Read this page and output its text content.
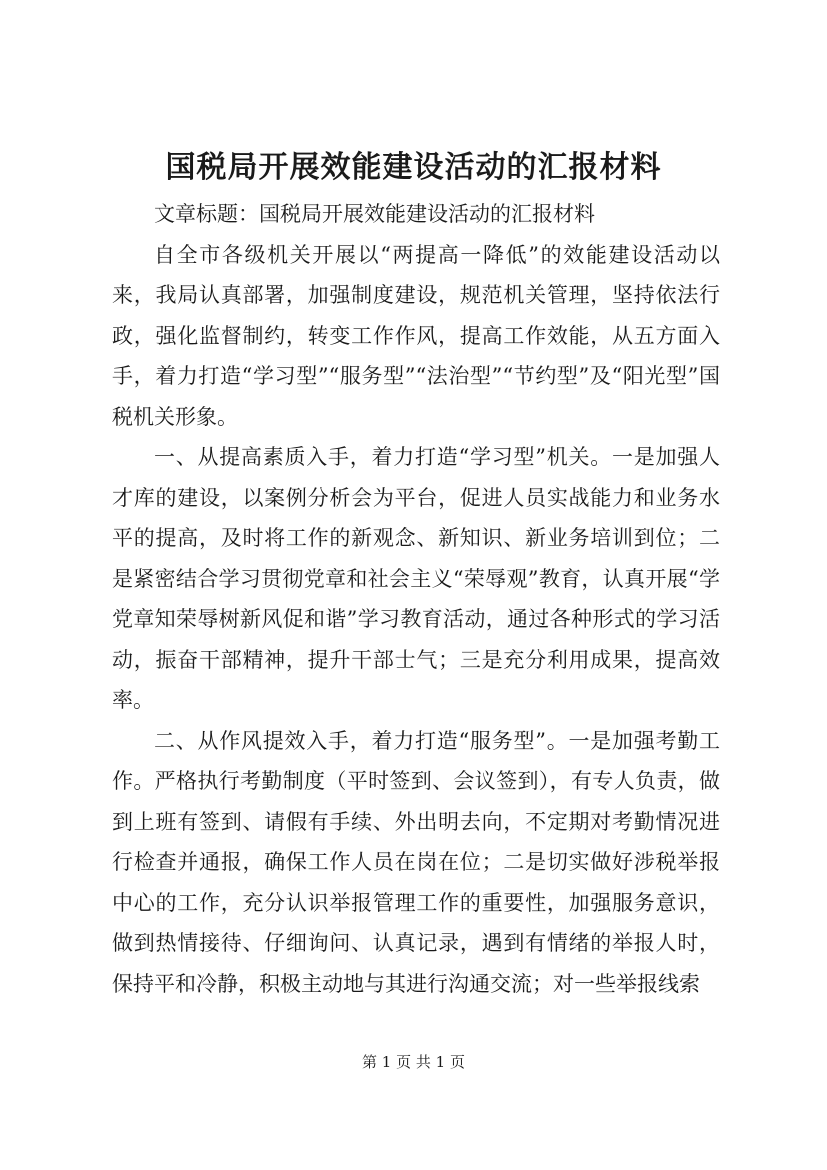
国税局开展效能建设活动的汇报材料

文章标题：国税局开展效能建设活动的汇报材料

自全市各级机关开展以“两提高一降低”的效能建设活动以来，我局认真部署，加强制度建设，规范机关管理，坚持依法行政，强化监督制约，转变工作作风，提高工作效能，从五方面入手，着力打造“学习型”“服务型”“法治型”“节约型”及“阳光型”国税机关形象。

一、从提高素质入手，着力打造“学习型”机关。一是加强人才库的建设，以案例分析会为平台，促进人员实战能力和业务水平的提高，及时将工作的新观念、新知识、新业务培训到位；二是紧密结合学习贯彻党章和社会主义“荣辱观”教育，认真开展“学党章知荣辱树新风促和谐”学习教育活动，通过各种形式的学习活动，振奋干部精神，提升干部士气；三是充分利用成果，提高效率。

二、从作风提效入手，着力打造“服务型”。一是加强考勤工作。严格执行考勤制度（平时签到、会议签到），有专人负责，做到上班有签到、请假有手续、外出明去向，不定期对考勤情况进行检查并通报，确保工作人员在岗在位；二是切实做好涉税举报中心的工作，充分认识举报管理工作的重要性，加强服务意识，做到热情接待、仔细询问、认真记录，遇到有情绪的举报人时，保持平和冷静，积极主动地与其进行沟通交流；对一些举报线索

第 1 页 共 1 页
